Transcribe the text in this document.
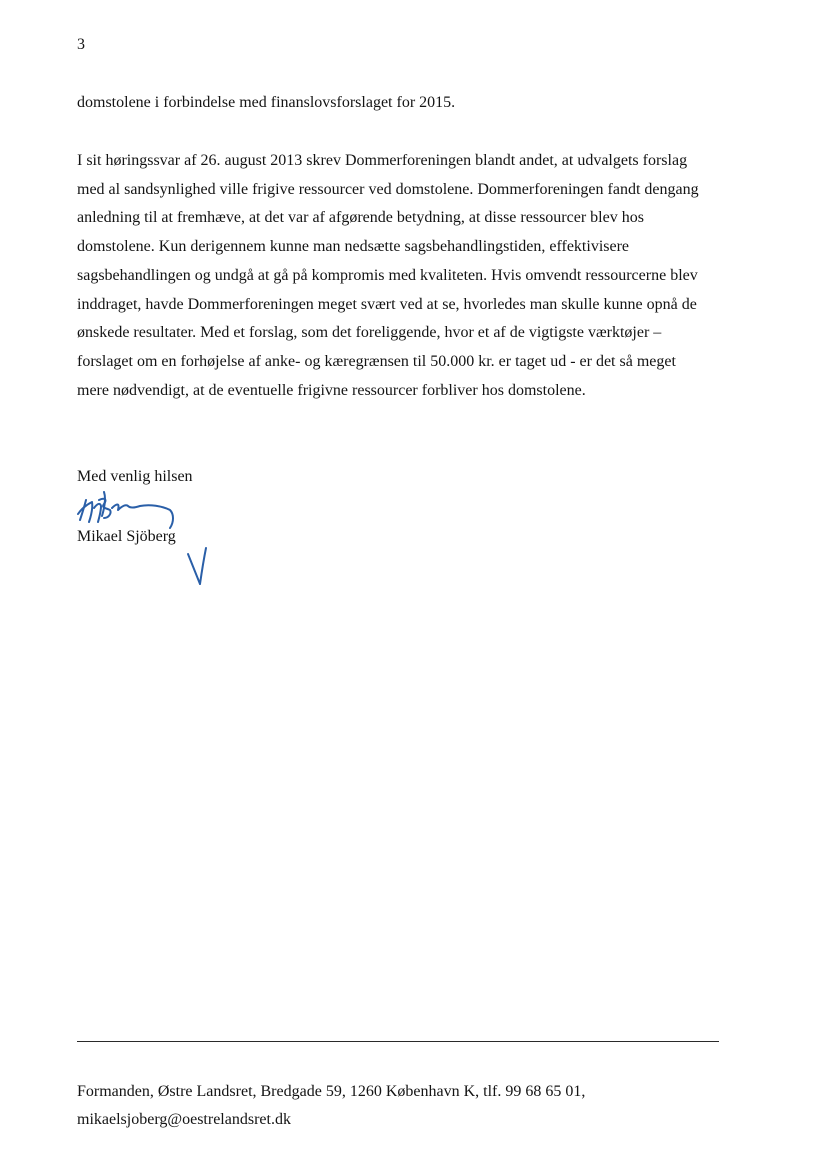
3

domstolene i forbindelse med finanslovsforslaget for 2015.

I sit høringssvar af 26. august 2013 skrev Dommerforeningen blandt andet, at udvalgets forslag
med al sandsynlighed ville frigive ressourcer ved domstolene. Dommerforeningen fandt dengang
anledning til at fremhæve, at det var af afgørende betydning, at disse ressourcer blev hos
domstolene. Kun derigennem kunne man nedsætte sagsbehandlingstiden, effektivisere
sagsbehandlingen og undgå at gå på kompromis med kvaliteten. Hvis omvendt ressourcerne blev
inddraget, havde Dommerforeningen meget svært ved at se, hvorledes man skulle kunne opnå de
ønskede resultater. Med et forslag, som det foreliggende, hvor et af de vigtigste værktøjer –
forslaget om en forhøjelse af anke- og kæregrænsen til 50.000 kr. er taget ud - er det så meget
mere nødvendigt, at de eventuelle frigivne ressourcer forbliver hos domstolene.

Med venlig hilsen
Mikael Sjöberg
Formanden, Østre Landsret, Bredgade 59, 1260 København K, tlf. 99 68 65 01,
mikaelsjoberg@oestrelandsret.dk
